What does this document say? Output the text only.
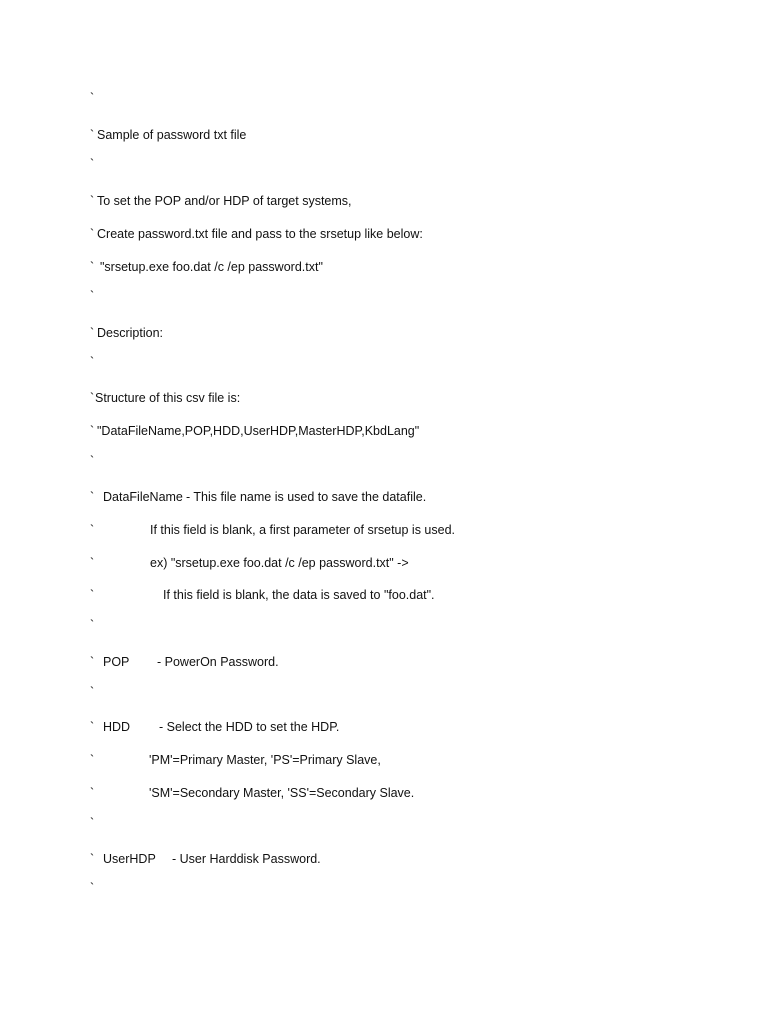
`

`

Sample of password txt file

`

`

To set the POP and/or HDP of target systems,

`

Create password.txt file and pass to the srsetup like below:

`

"srsetup.exe foo.dat /c /ep password.txt"

`

`

Description:

`

`

Structure of this csv file is:

`

"DataFileName,POP,HDD,UserHDP,MasterHDP,KbdLang"

`

`

DataFileName

- This file name is used to save the datafile.

`

	If this field is blank, a first parameter of srsetup is used.

`

	ex) "srsetup.exe foo.dat /c /ep password.txt" ->

`

	If this field is blank, the data is saved to "foo.dat".

`

`

POP

- PowerOn Password.

`

`

HDD

- Select the HDD to set the HDP.

`

	'PM'=Primary Master, 'PS'=Primary Slave,

`

	'SM'=Secondary Master, 'SS'=Secondary Slave.

`

`

UserHDP

- User Harddisk Password.

`
